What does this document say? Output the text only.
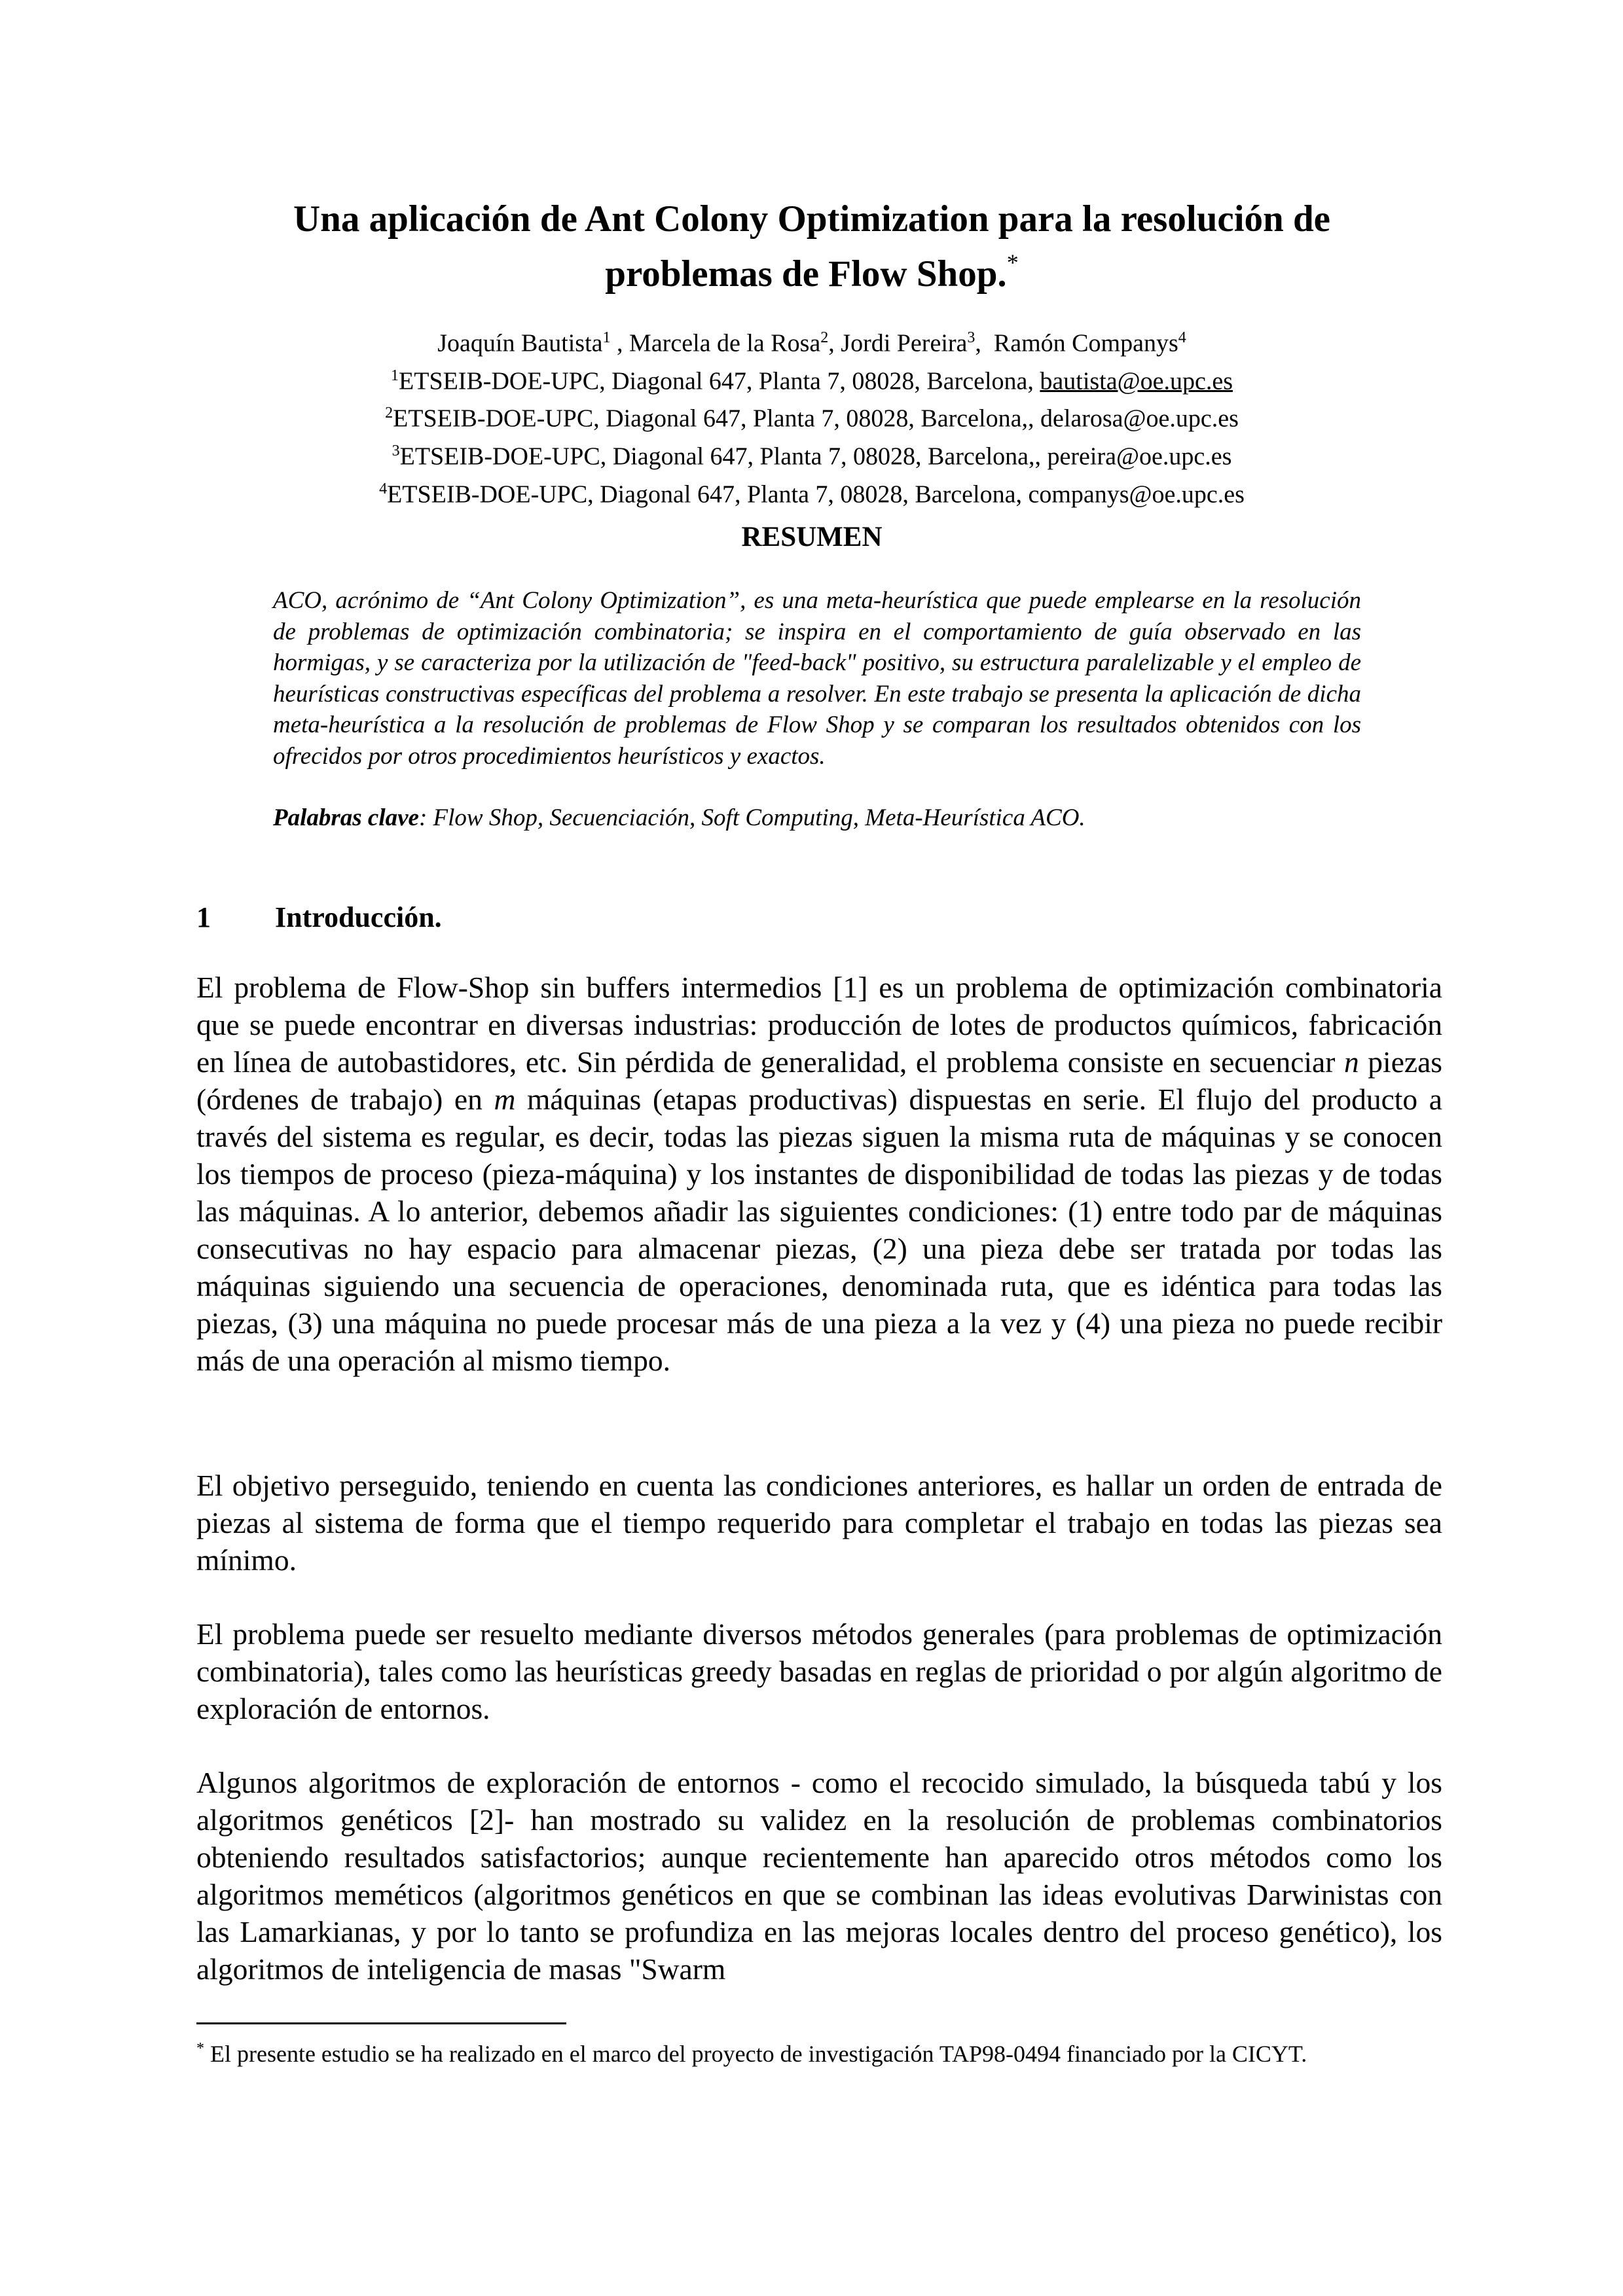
Una aplicación de Ant Colony Optimization para la resolución de
problemas de Flow Shop.*
Joaquín Bautista$^1$ , Marcela de la Rosa$^2$, Jordi Pereira$^3$,  Ramón Companys$^4$
$^1$ETSEIB-DOE-UPC, Diagonal 647, Planta 7, 08028, Barcelona, bautista@oe.upc.es
$^2$ETSEIB-DOE-UPC, Diagonal 647, Planta 7, 08028, Barcelona,, delarosa@oe.upc.es
$^3$ETSEIB-DOE-UPC, Diagonal 647, Planta 7, 08028, Barcelona,, pereira@oe.upc.es
$^4$ETSEIB-DOE-UPC, Diagonal 647, Planta 7, 08028, Barcelona, companys@oe.upc.es
RESUMEN
ACO, acrónimo de “Ant Colony Optimization”, es una meta-heurística que puede emplearse en la resolución de problemas de optimización combinatoria; se inspira en el comportamiento de guía observado en las hormigas, y se caracteriza por la utilización de "feed-back" positivo, su estructura paralelizable y el empleo de heurísticas constructivas específicas del problema a resolver. En este trabajo se presenta la aplicación de dicha meta-heurística a la resolución de problemas de Flow Shop y se comparan los resultados obtenidos con los ofrecidos por otros procedimientos heurísticos y exactos.
Palabras clave: Flow Shop, Secuenciación, Soft Computing, Meta-Heurística ACO.
1 Introducción.

El problema de Flow-Shop sin buffers intermedios [1] es un problema de optimización combinatoria que se puede encontrar en diversas industrias: producción de lotes de productos químicos, fabricación en línea de autobastidores, etc. Sin pérdida de generalidad, el problema consiste en secuenciar n piezas (órdenes de trabajo) en m máquinas (etapas productivas) dispuestas en serie. El flujo del producto a través del sistema es regular, es decir, todas las piezas siguen la misma ruta de máquinas y se conocen los tiempos de proceso (pieza-máquina) y los instantes de disponibilidad de todas las piezas y de todas las máquinas. A lo anterior, debemos añadir las siguientes condiciones: (1) entre todo par de máquinas consecutivas no hay espacio para almacenar piezas, (2) una pieza debe ser tratada por todas las máquinas siguiendo una secuencia de operaciones, denominada ruta, que es idéntica para todas las piezas, (3) una máquina no puede procesar más de una pieza a la vez y (4) una pieza no puede recibir más de una operación al mismo tiempo.

El objetivo perseguido, teniendo en cuenta las condiciones anteriores, es hallar un orden de entrada de piezas al sistema de forma que el tiempo requerido para completar el trabajo en todas las piezas sea mínimo.

El problema puede ser resuelto mediante diversos métodos generales (para problemas de optimización combinatoria), tales como las heurísticas greedy basadas en reglas de prioridad o por algún algoritmo de exploración de entornos.

Algunos algoritmos de exploración de entornos - como el recocido simulado, la búsqueda tabú y los algoritmos genéticos [2]- han mostrado su validez en la resolución de problemas combinatorios obteniendo resultados satisfactorios; aunque recientemente han aparecido otros métodos como los algoritmos meméticos (algoritmos genéticos en que se combinan las ideas evolutivas Darwinistas con las Lamarkianas, y por lo tanto se profundiza en las mejoras locales dentro del proceso genético), los algoritmos de inteligencia de masas "Swarm

* El presente estudio se ha realizado en el marco del proyecto de investigación TAP98-0494 financiado por la CICYT.
